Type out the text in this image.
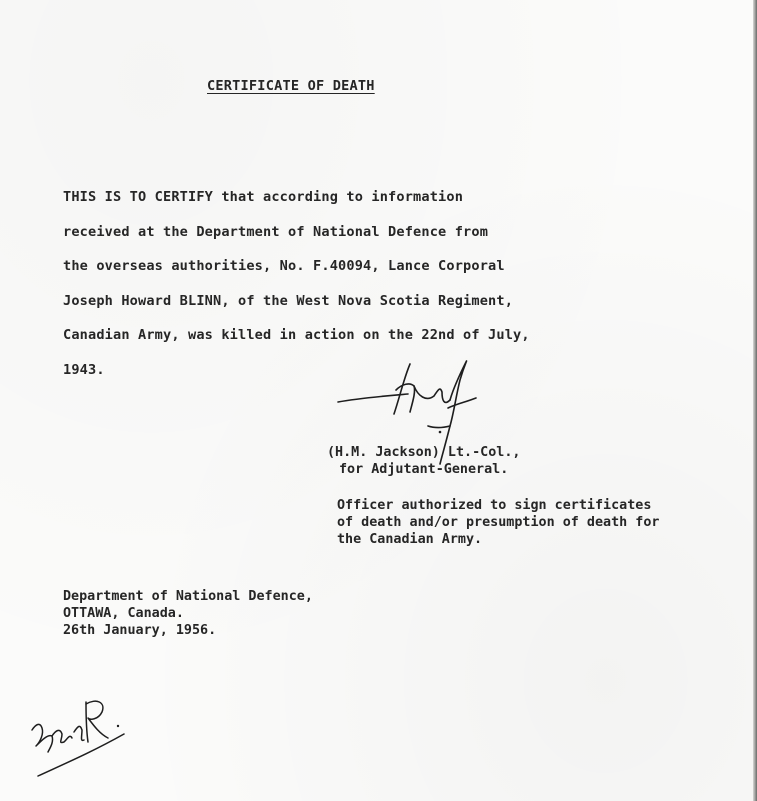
CERTIFICATE OF DEATH
THIS IS TO CERTIFY that according to information
received at the Department of National Defence from
the overseas authorities, No. F.40094, Lance Corporal
Joseph Howard BLINN, of the West Nova Scotia Regiment,
Canadian Army, was killed in action on the 22nd of July,
1943.
(H.M. Jackson) Lt.-Col.,
for Adjutant-General.
Officer authorized to sign certificates
of death and/or presumption of death for
the Canadian Army.
Department of National Defence,
OTTAWA, Canada.
26th January, 1956.
